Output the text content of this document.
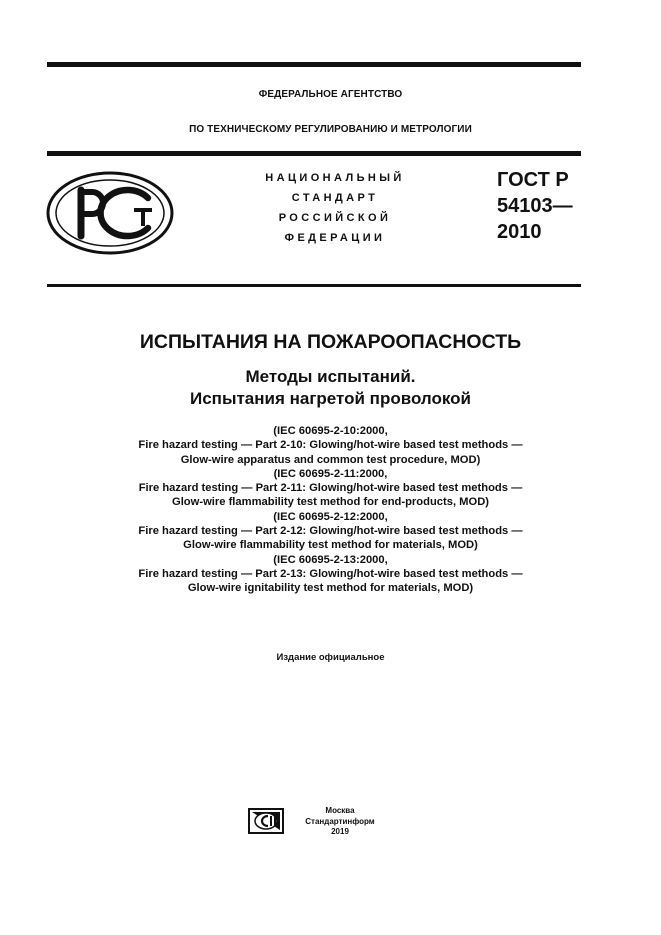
ФЕДЕРАЛЬНОЕ АГЕНТСТВО
ПО ТЕХНИЧЕСКОМУ РЕГУЛИРОВАНИЮ И МЕТРОЛОГИИ
НАЦИОНАЛЬНЫЙ
СТАНДАРТ
РОССИЙСКОЙ
ФЕДЕРАЦИИ
ГОСТ Р
54103—
2010
ИСПЫТАНИЯ НА ПОЖАРООПАСНОСТЬ
Методы испытаний.
Испытания нагретой проволокой
(IEC 60695-2-10:2000,
Fire hazard testing — Part 2-10: Glowing/hot-wire based test methods —
Glow-wire apparatus and common test procedure, MOD)
(IEC 60695-2-11:2000,
Fire hazard testing — Part 2-11: Glowing/hot-wire based test methods —
Glow-wire flammability test method for end-products, MOD)
(IEC 60695-2-12:2000,
Fire hazard testing — Part 2-12: Glowing/hot-wire based test methods —
Glow-wire flammability test method for materials, MOD)
(IEC 60695-2-13:2000,
Fire hazard testing — Part 2-13: Glowing/hot-wire based test methods —
Glow-wire ignitability test method for materials, MOD)
Издание официальное
Москва
Стандартинформ
2019
